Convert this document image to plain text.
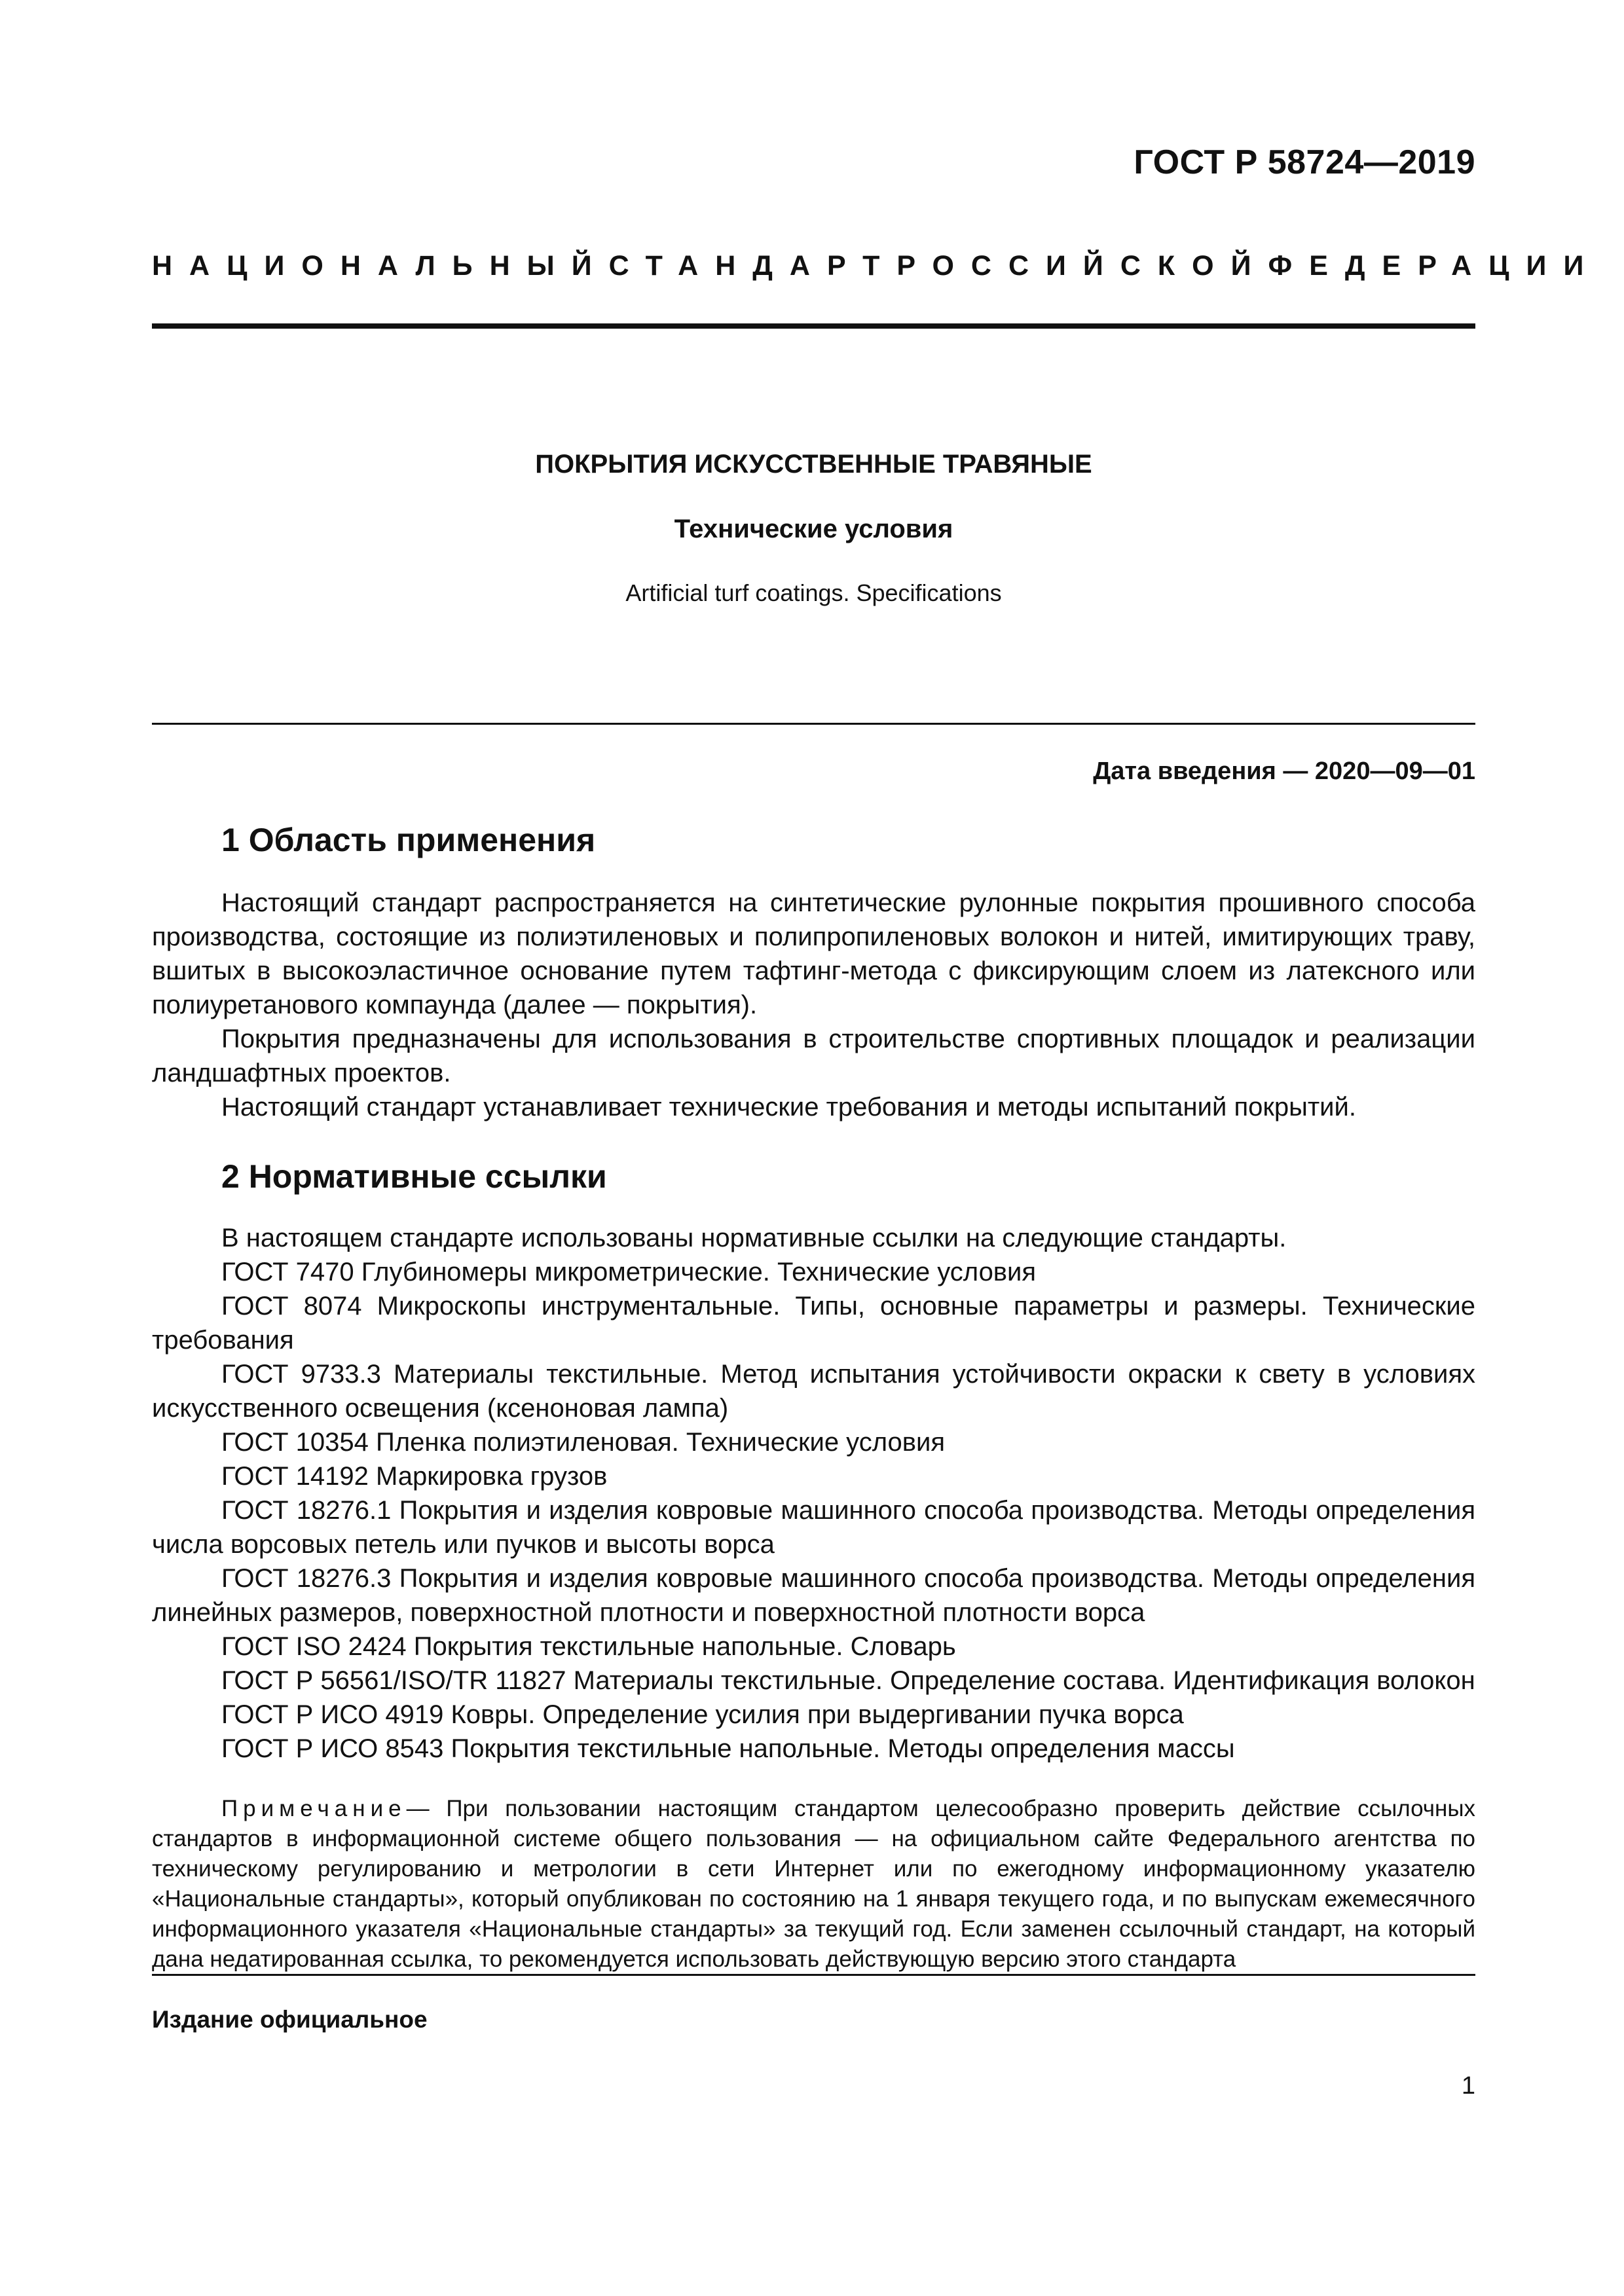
ГОСТ Р 58724—2019
НАЦИОНАЛЬНЫЙ СТАНДАРТ РОССИЙСКОЙ ФЕДЕРАЦИИ
ПОКРЫТИЯ ИСКУССТВЕННЫЕ ТРАВЯНЫЕ
Технические условия
Artificial turf coatings. Specifications
Дата введения — 2020—09—01
1 Область применения

Настоящий стандарт распространяется на синтетические рулонные покрытия прошивного способа производства, состоящие из полиэтиленовых и полипропиленовых волокон и нитей, имитирующих траву, вшитых в высокоэластичное основание путем тафтинг-метода с фиксирующим слоем из латексного или полиуретанового компаунда (далее — покрытия).

Покрытия предназначены для использования в строительстве спортивных площадок и реализации ландшафтных проектов.

Настоящий стандарт устанавливает технические требования и методы испытаний покрытий.

2 Нормативные ссылки

В настоящем стандарте использованы нормативные ссылки на следующие стандарты.

ГОСТ 7470 Глубиномеры микрометрические. Технические условия

ГОСТ 8074 Микроскопы инструментальные. Типы, основные параметры и размеры. Технические требования

ГОСТ 9733.3 Материалы текстильные. Метод испытания устойчивости окраски к свету в условиях искусственного освещения (ксеноновая лампа)

ГОСТ 10354 Пленка полиэтиленовая. Технические условия

ГОСТ 14192 Маркировка грузов

ГОСТ 18276.1 Покрытия и изделия ковровые машинного способа производства. Методы определения числа ворсовых петель или пучков и высоты ворса

ГОСТ 18276.3 Покрытия и изделия ковровые машинного способа производства. Методы определения линейных размеров, поверхностной плотности и поверхностной плотности ворса

ГОСТ ISO 2424 Покрытия текстильные напольные. Словарь

ГОСТ Р 56561/ISO/TR 11827 Материалы текстильные. Определение состава. Идентификация волокон

ГОСТ Р ИСО 4919 Ковры. Определение усилия при выдергивании пучка ворса

ГОСТ Р ИСО 8543 Покрытия текстильные напольные. Методы определения массы

Примечание— При пользовании настоящим стандартом целесообразно проверить действие ссылочных стандартов в информационной системе общего пользования — на официальном сайте Федерального агентства по техническому регулированию и метрологии в сети Интернет или по ежегодному информационному указателю «Национальные стандарты», который опубликован по состоянию на 1 января текущего года, и по выпускам ежемесячного информационного указателя «Национальные стандарты» за текущий год. Если заменен ссылочный стандарт, на который дана недатированная ссылка, то рекомендуется использовать действующую версию этого стандарта
Издание официальное
1
